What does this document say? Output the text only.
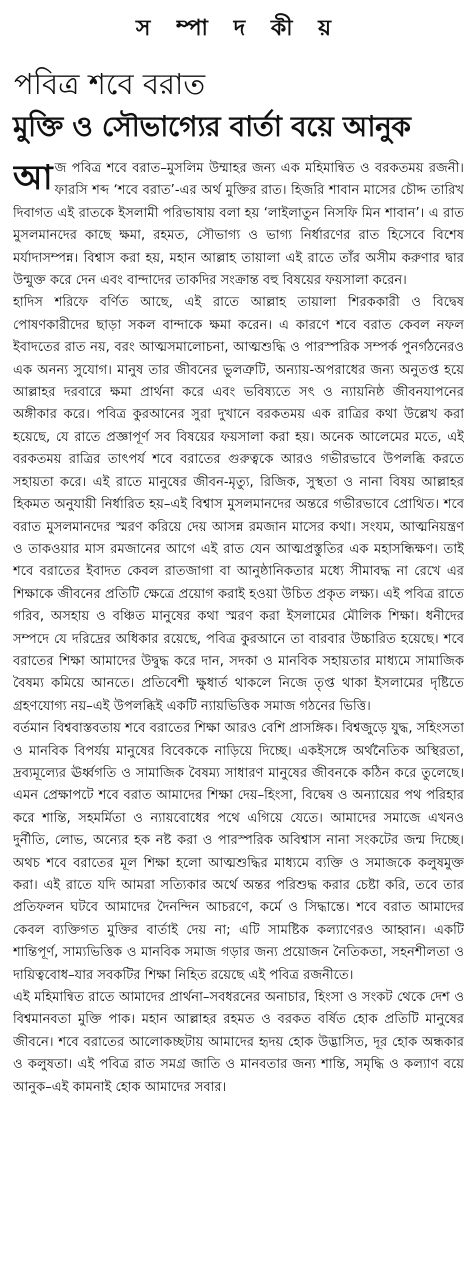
স ম্পা দ কী য়
পবিত্র শবে বরাত
মুক্তি ও সৌভাগ্যের বার্তা বয়ে আনুক

আজ পবিত্র শবে বরাত–মুসলিম উম্মাহর জন্য এক মহিমান্বিত ও বরকতময় রজনী। ফারসি শব্দ ‘শবে বরাত’-এর অর্থ মুক্তির রাত। হিজরি শাবান মাসের চৌদ্দ তারিখ দিবাগত এই রাতকে ইসলামী পরিভাষায় বলা হয় ‘লাইলাতুন নিসফি মিন শাবান’। এ রাত মুসলমানদের কাছে ক্ষমা, রহমত, সৌভাগ্য ও ভাগ্য নির্ধারণের রাত হিসেবে বিশেষ মর্যাদাসম্পন্ন। বিশ্বাস করা হয়, মহান আল্লাহ তায়ালা এই রাতে তাঁর অসীম করুণার দ্বার উন্মুক্ত করে দেন এবং বান্দাদের তাকদির সংক্রান্ত বহু বিষয়ের ফয়সালা করেন।

হাদিস শরিফে বর্ণিত আছে, এই রাতে আল্লাহ তায়ালা শিরককারী ও বিদ্বেষ পোষণকারীদের ছাড়া সকল বান্দাকে ক্ষমা করেন। এ কারণে শবে বরাত কেবল নফল ইবাদতের রাত নয়, বরং আত্মসমালোচনা, আত্মশুদ্ধি ও পারস্পরিক সম্পর্ক পুনর্গঠনেরও এক অনন্য সুযোগ। মানুষ তার জীবনের ভুলত্রুটি, অন্যায়-অপরাধের জন্য অনুতপ্ত হয়ে আল্লাহর দরবারে ক্ষমা প্রার্থনা করে এবং ভবিষ্যতে সৎ ও ন্যায়নিষ্ঠ জীবনযাপনের অঙ্গীকার করে। পবিত্র কুরআনের সুরা দুখানে বরকতময় এক রাত্রির কথা উল্লেখ করা হয়েছে, যে রাতে প্রজ্ঞাপূর্ণ সব বিষয়ের ফয়সালা করা হয়। অনেক আলেমের মতে, এই বরকতময় রাত্রির তাৎপর্য শবে বরাতের গুরুত্বকে আরও গভীরভাবে উপলব্ধি করতে সহায়তা করে। এই রাতে মানুষের জীবন-মৃত্যু, রিজিক, সুস্থতা ও নানা বিষয় আল্লাহর হিকমত অনুযায়ী নির্ধারিত হয়–এই বিশ্বাস মুসলমানদের অন্তরে গভীরভাবে প্রোথিত। শবে বরাত মুসলমানদের স্মরণ করিয়ে দেয় আসন্ন রমজান মাসের কথা। সংযম, আত্মনিয়ন্ত্রণ ও তাকওয়ার মাস রমজানের আগে এই রাত যেন আত্মপ্রস্তুতির এক মহাসন্ধিক্ষণ। তাই শবে বরাতের ইবাদত কেবল রাতজাগা বা আনুষ্ঠানিকতার মধ্যে সীমাবদ্ধ না রেখে এর শিক্ষাকে জীবনের প্রতিটি ক্ষেত্রে প্রয়োগ করাই হওয়া উচিত প্রকৃত লক্ষ্য। এই পবিত্র রাতে গরিব, অসহায় ও বঞ্চিত মানুষের কথা স্মরণ করা ইসলামের মৌলিক শিক্ষা। ধনীদের সম্পদে যে দরিদ্রের অধিকার রয়েছে, পবিত্র কুরআনে তা বারবার উচ্চারিত হয়েছে। শবে বরাতের শিক্ষা আমাদের উদ্বুদ্ধ করে দান, সদকা ও মানবিক সহায়তার মাধ্যমে সামাজিক বৈষম্য কমিয়ে আনতে। প্রতিবেশী ক্ষুধার্ত থাকলে নিজে তৃপ্ত থাকা ইসলামের দৃষ্টিতে গ্রহণযোগ্য নয়–এই উপলব্ধিই একটি ন্যায়ভিত্তিক সমাজ গঠনের ভিত্তি।

বর্তমান বিশ্ববাস্তবতায় শবে বরাতের শিক্ষা আরও বেশি প্রাসঙ্গিক। বিশ্বজুড়ে যুদ্ধ, সহিংসতা ও মানবিক বিপর্যয় মানুষের বিবেককে নাড়িয়ে দিচ্ছে। একইসঙ্গে অর্থনৈতিক অস্থিরতা, দ্রব্যমূল্যের ঊর্ধ্বগতি ও সামাজিক বৈষম্য সাধারণ মানুষের জীবনকে কঠিন করে তুলেছে। এমন প্রেক্ষাপটে শবে বরাত আমাদের শিক্ষা দেয়–হিংসা, বিদ্বেষ ও অন্যায়ের পথ পরিহার করে শান্তি, সহমর্মিতা ও ন্যায়বোধের পথে এগিয়ে যেতে। আমাদের সমাজে এখনও দুর্নীতি, লোভ, অন্যের হক নষ্ট করা ও পারস্পরিক অবিশ্বাস নানা সংকটের জন্ম দিচ্ছে। অথচ শবে বরাতের মূল শিক্ষা হলো আত্মশুদ্ধির মাধ্যমে ব্যক্তি ও সমাজকে কলুষমুক্ত করা। এই রাতে যদি আমরা সত্যিকার অর্থে অন্তর পরিশুদ্ধ করার চেষ্টা করি, তবে তার প্রতিফলন ঘটবে আমাদের দৈনন্দিন আচরণে, কর্মে ও সিদ্ধান্তে। শবে বরাত আমাদের কেবল ব্যক্তিগত মুক্তির বার্তাই দেয় না; এটি সামষ্টিক কল্যাণেরও আহ্বান। একটি শান্তিপূর্ণ, সাম্যভিত্তিক ও মানবিক সমাজ গড়ার জন্য প্রয়োজন নৈতিকতা, সহনশীলতা ও দায়িত্ববোধ–যার সবকটির শিক্ষা নিহিত রয়েছে এই পবিত্র রজনীতে।

এই মহিমান্বিত রাতে আমাদের প্রার্থনা–সবধরনের অনাচার, হিংসা ও সংকট থেকে দেশ ও বিশ্বমানবতা মুক্তি পাক। মহান আল্লাহর রহমত ও বরকত বর্ষিত হোক প্রতিটি মানুষের জীবনে। শবে বরাতের আলোকচ্ছটায় আমাদের হৃদয় হোক উদ্ভাসিত, দূর হোক অন্ধকার ও কলুষতা। এই পবিত্র রাত সমগ্র জাতি ও মানবতার জন্য শান্তি, সমৃদ্ধি ও কল্যাণ বয়ে আনুক–এই কামনাই হোক আমাদের সবার।
